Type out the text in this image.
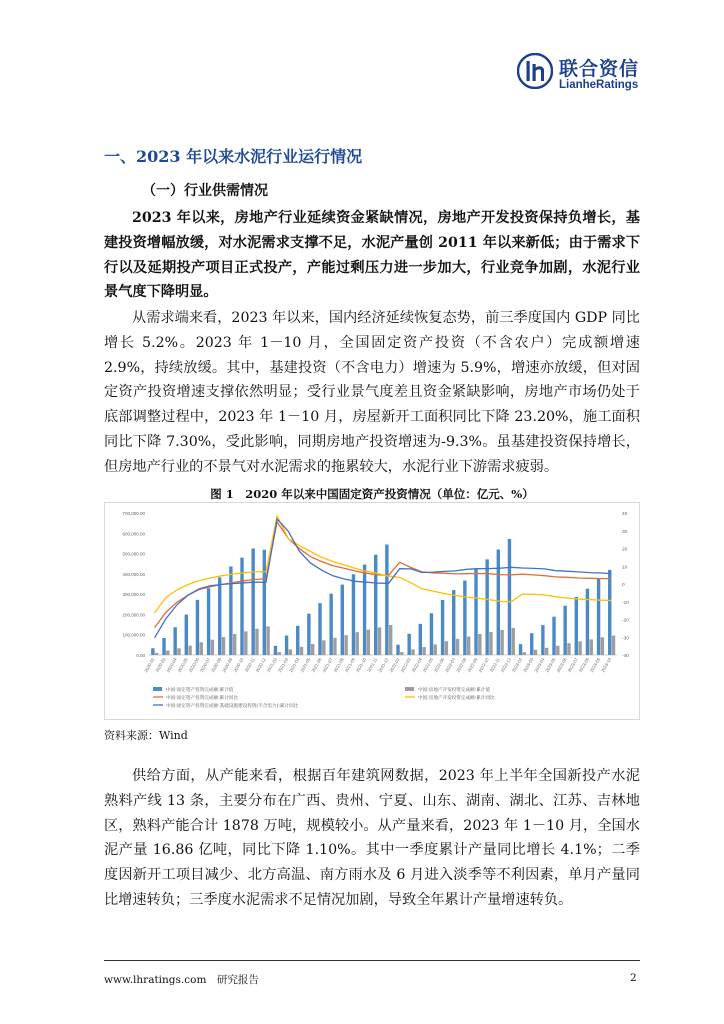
联合资信
LianheRatings
一、2023 年以来水泥行业运行情况
（一）行业供需情况

2023 年以来，房地产行业延续资金紧缺情况，房地产开发投资保持负增长，基建投资增幅放缓，对水泥需求支撑不足，水泥产量创 2011 年以来新低；由于需求下行以及延期投产项目正式投产，产能过剩压力进一步加大，行业竞争加剧，水泥行业景气度下降明显。

从需求端来看，2023 年以来，国内经济延续恢复态势，前三季度国内 GDP 同比增长 5.2%。2023 年 1－10 月，全国固定资产投资（不含农户）完成额增速 2.9%，持续放缓。其中，基建投资（不含电力）增速为 5.9%，增速亦放缓，但对固定资产投资增速支撑依然明显；受行业景气度差且资金紧缺影响，房地产市场仍处于底部调整过程中，2023 年 1－10 月，房屋新开工面积同比下降 23.20%，施工面积同比下降 7.30%，受此影响，同期房地产投资增速为-9.3%。虽基建投资保持增长，但房地产行业的不景气对水泥需求的拖累较大，水泥行业下游需求疲弱。

图 1　2020 年以来中国固定资产投资情况（单位：亿元、%）
0.00
100,000.00
200,000.00
300,000.00
400,000.00
500,000.00
600,000.00
700,000.00
-40
-30
-20
-10
0
10
20
30
40
2020-02
2020-03
2020-04
2020-05
2020-06
2020-07
2020-08
2020-09
2020-10 2020-11
2020-12
2021-02
2021-03
2021-04
2021-05
2021-06
2021-07
2021-08
2021-09
2021-10 2021-11
2021-12
2022-02
2022-03
2022-04
2022-05
2022-06
2022-07
2022-08
2022-09
2022-10 2022-11
2022-12
2023-02
2023-03
2023-04
2023-05
2023-06
2023-07
2023-08
2023-09
2023-10
中国:固定资产投资完成额:累计值	中国:房地产开发投资完成额:累计值
中国:固定资产投资完成额:累计同比	中国:房地产开发投资完成额:累计同比
中国:固定资产投资完成额:基础设施建设投资(不含电力):累计同比
资料来源：Wind

供给方面，从产能来看，根据百年建筑网数据，2023 年上半年全国新投产水泥熟料产线 13 条，主要分布在广西、贵州、宁夏、山东、湖南、湖北、江苏、吉林地区，熟料产能合计 1878 万吨，规模较小。从产量来看，2023 年 1－10 月，全国水泥产量 16.86 亿吨，同比下降 1.10%。其中一季度累计产量同比增长 4.1%；二季度因新开工项目减少、北方高温、南方雨水及 6 月进入淡季等不利因素，单月产量同比增速转负；三季度水泥需求不足情况加剧，导致全年累计产量增速转负。

www.lhratings.com　研究报告	2
